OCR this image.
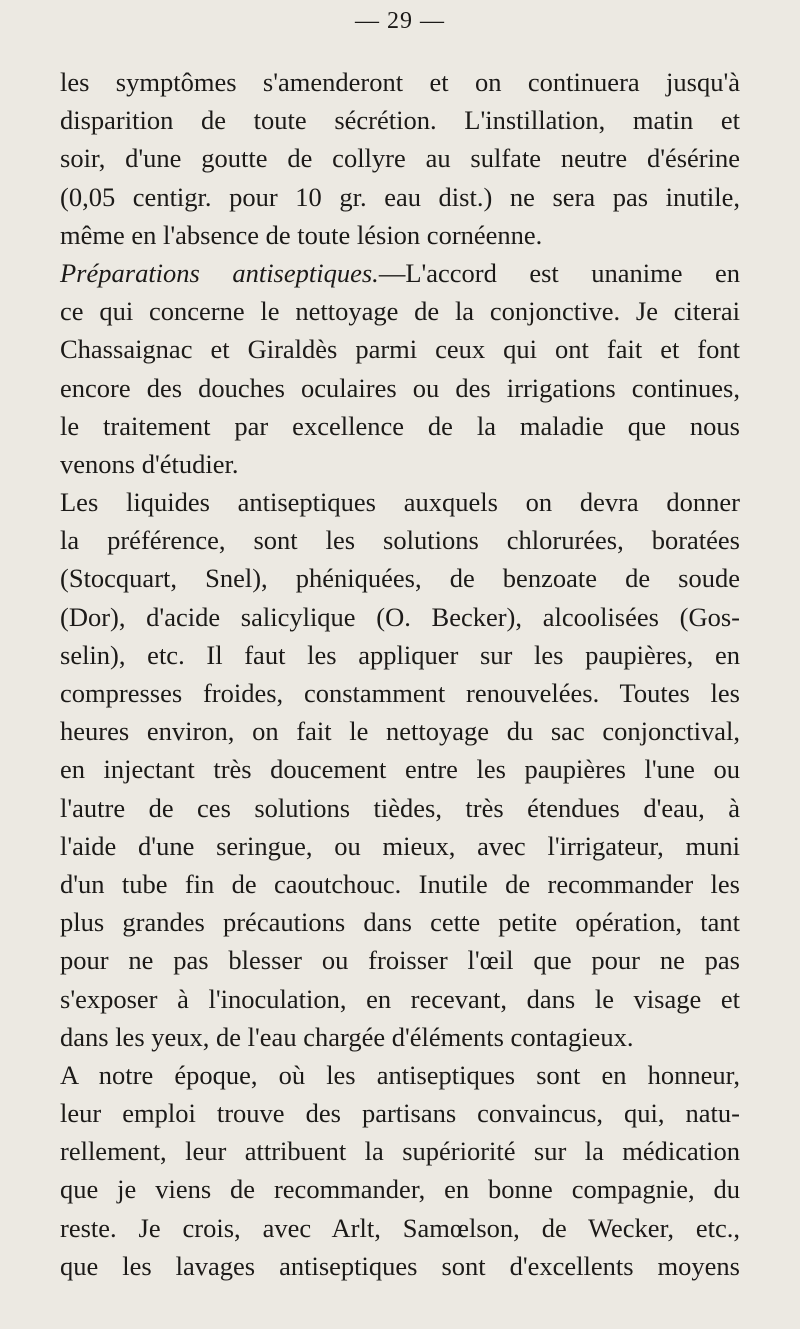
— 29 —
les symptômes s'amenderont et on continuera jusqu'à
disparition de toute sécrétion. L'instillation, matin et
soir, d'une goutte de collyre au sulfate neutre d'ésérine
(0,05 centigr. pour 10 gr. eau dist.) ne sera pas inutile,
même en l'absence de toute lésion cornéenne.
Préparations antiseptiques.—L'accord est unanime en
ce qui concerne le nettoyage de la conjonctive. Je citerai
Chassaignac et Giraldès parmi ceux qui ont fait et font
encore des douches oculaires ou des irrigations continues,
le traitement par excellence de la maladie que nous
venons d'étudier.
Les liquides antiseptiques auxquels on devra donner
la préférence, sont les solutions chlorurées, boratées
(Stocquart, Snel), phéniquées, de benzoate de soude
(Dor), d'acide salicylique (O. Becker), alcoolisées (Gos-
selin), etc. Il faut les appliquer sur les paupières, en
compresses froides, constamment renouvelées. Toutes les
heures environ, on fait le nettoyage du sac conjonctival,
en injectant très doucement entre les paupières l'une ou
l'autre de ces solutions tièdes, très étendues d'eau, à
l'aide d'une seringue, ou mieux, avec l'irrigateur, muni
d'un tube fin de caoutchouc. Inutile de recommander les
plus grandes précautions dans cette petite opération, tant
pour ne pas blesser ou froisser l'œil que pour ne pas
s'exposer à l'inoculation, en recevant, dans le visage et
dans les yeux, de l'eau chargée d'éléments contagieux.
A notre époque, où les antiseptiques sont en honneur,
leur emploi trouve des partisans convaincus, qui, natu-
rellement, leur attribuent la supériorité sur la médication
que je viens de recommander, en bonne compagnie, du
reste. Je crois, avec Arlt, Samœlson, de Wecker, etc.,
que les lavages antiseptiques sont d'excellents moyens
